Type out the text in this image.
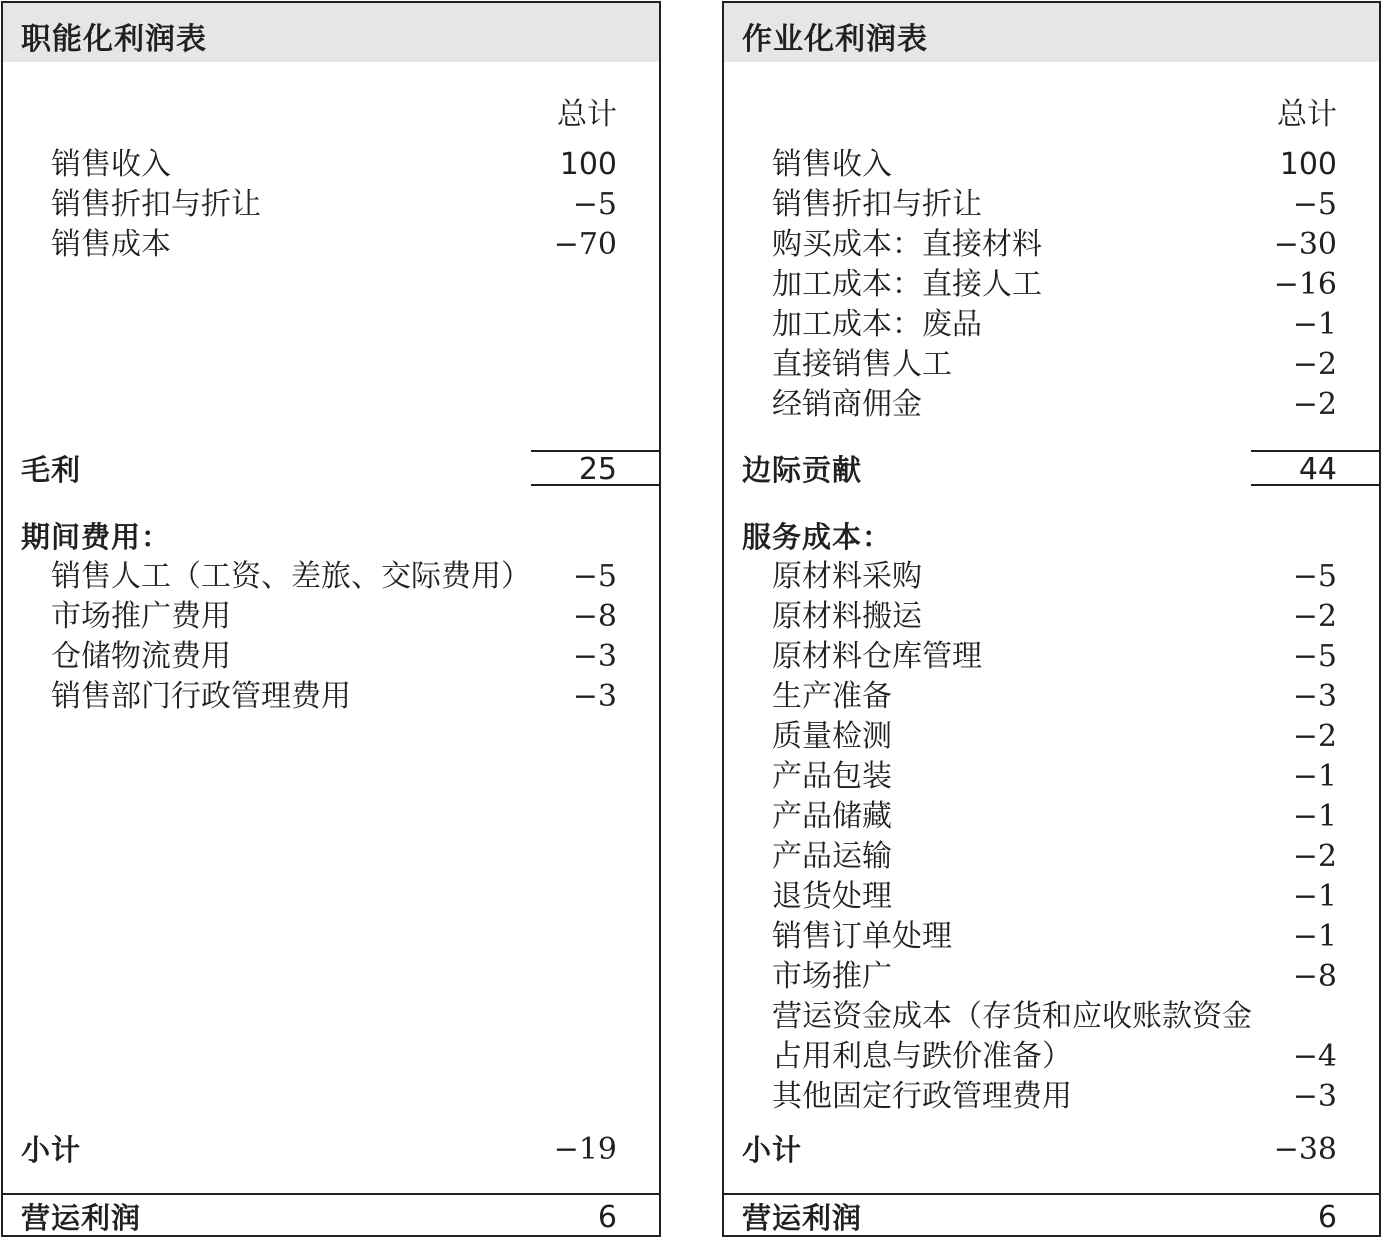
职能化利润表
总计
销售收入	100
销售折扣与折让	−5
销售成本	−70
毛利	25
期间费用：
销售人工（工资、差旅、交际费用） −5
市场推广费用	−8
仓储物流费用	−3
销售部门行政管理费用	−3
小计	−19
营运利润	6
作业化利润表
总计
销售收入	100
销售折扣与折让	−5
购买成本：直接材料	−30
加工成本：直接人工	−16
加工成本：废品	−1
直接销售人工	−2
经销商佣金	−2
边际贡献	44
服务成本：
原材料采购	−5
原材料搬运	−2
原材料仓库管理	−5
生产准备	−3
质量检测	−2
产品包装	−1
产品储藏	−1
产品运输	−2
退货处理	−1
销售订单处理	−1
市场推广	−8
营运资金成本（存货和应收账款资金
占用利息与跌价准备）	−4
其他固定行政管理费用	−3
小计	−38
营运利润	6
